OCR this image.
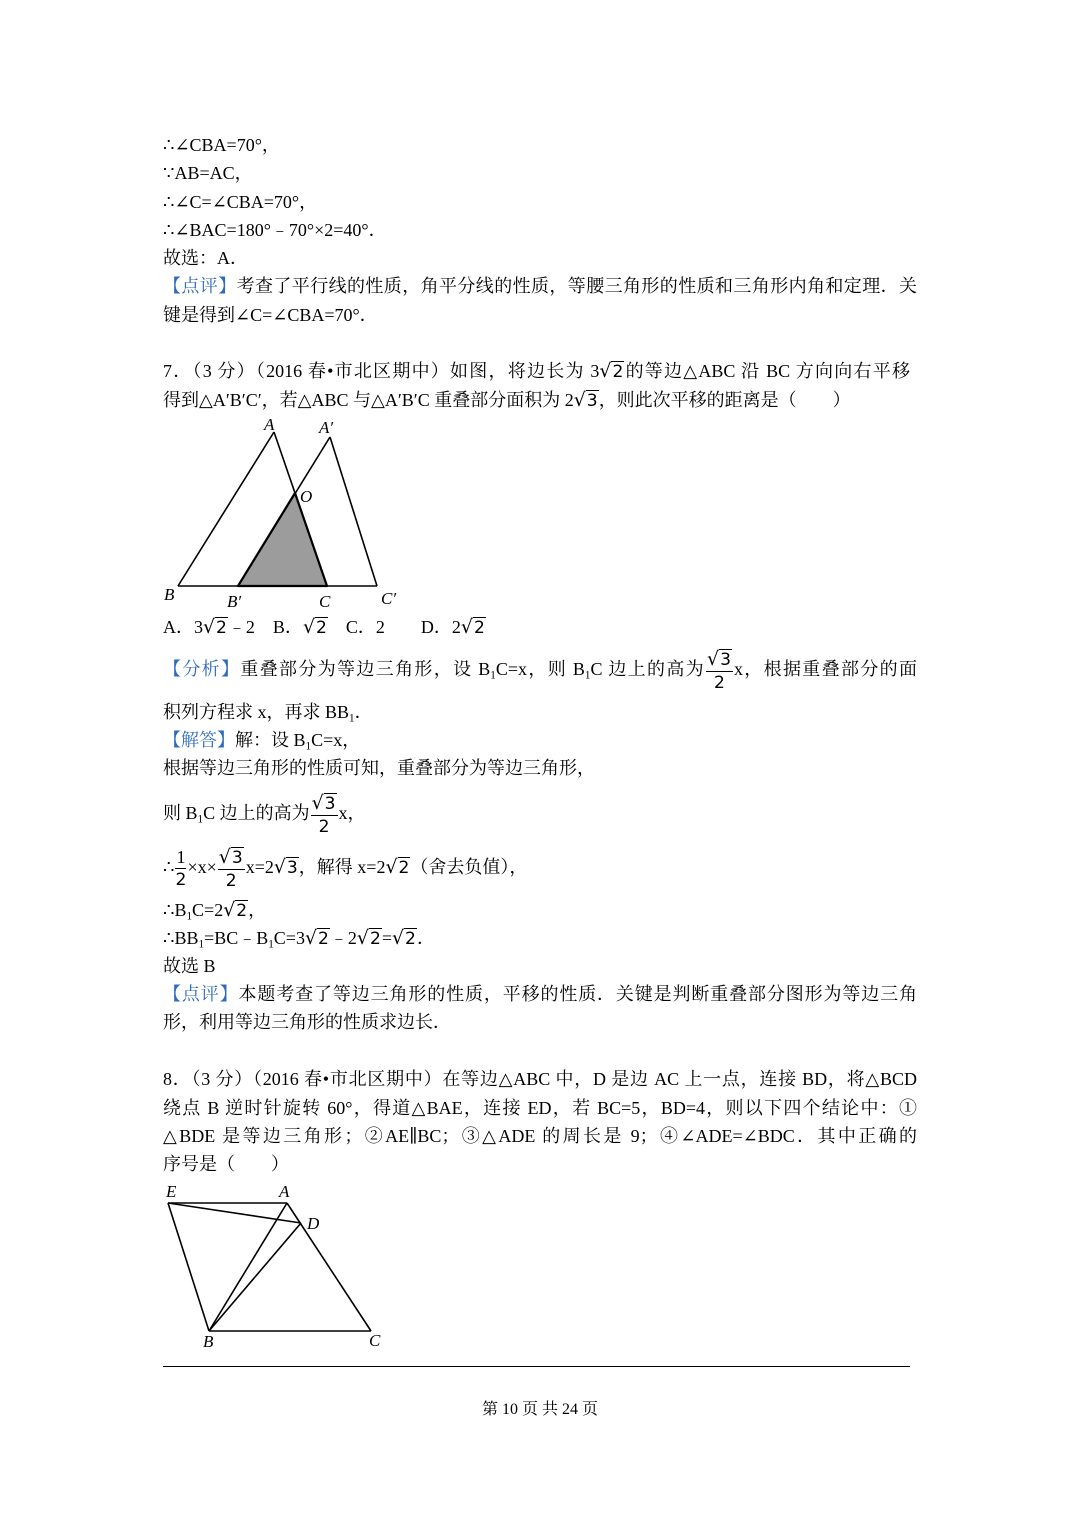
∴∠CBA=70°，
∵AB=AC，
∴∠C=∠CBA=70°，
∴∠BAC=180°﹣70°×2=40°．
故选：A．
【点评】考查了平行线的性质，角平分线的性质，等腰三角形的性质和三角形内角和定理．关
键是得到∠C=∠CBA=70°．
7．（3 分）（2016 春•市北区期中）如图，将边长为 3√ 2的等边△ABC 沿 BC 方向向右平移
得到△A′B′C′，若△ABC 与△A′B′C 重叠部分面积为 2√ 3，则此次平移的距离是（　　）
A	A′
O
B	B′	C	C′
A．3√ 2﹣2　B．√ 2　C．2　　D．2√ 2
【分析】重叠部分为等边三角形，设 B1C=x，则 B1C 边上的高为
√ $\frac{3}{2}$ x，根据重叠部分的面
积列方程求 x，再求 BB1．
【解答】解：设 B1C=x，
根据等边三角形的性质可知，重叠部分为等边三角形，
则 B1C 边上的高为
√ $\frac{3}{2}$ x，
∴ $\frac{1}{2} \times x\times$
√ $\frac{3}{2} x=2√$ 3，解得 x=2√ 2（舍去负值），
∴B1C=2√ 2，
∴BB1=BC﹣B1C=3√ 2﹣2√ 2=√ 2．
故选 B
【点评】本题考查了等边三角形的性质，平移的性质．关键是判断重叠部分图形为等边三角
形，利用等边三角形的性质求边长．
8．（3 分）（2016 春•市北区期中）在等边△ABC 中，D 是边 AC 上一点，连接 BD，将△BCD
绕点 B 逆时针旋转 60°，得道△BAE，连接 ED，若 BC=5，BD=4，则以下四个结论中：①
△BDE 是等边三角形；②AE∥BC；③△ADE 的周长是 9；④∠ADE=∠BDC．其中正确的
序号是（　　）
E	A
D
B	C
第 10 页 共 24 页
